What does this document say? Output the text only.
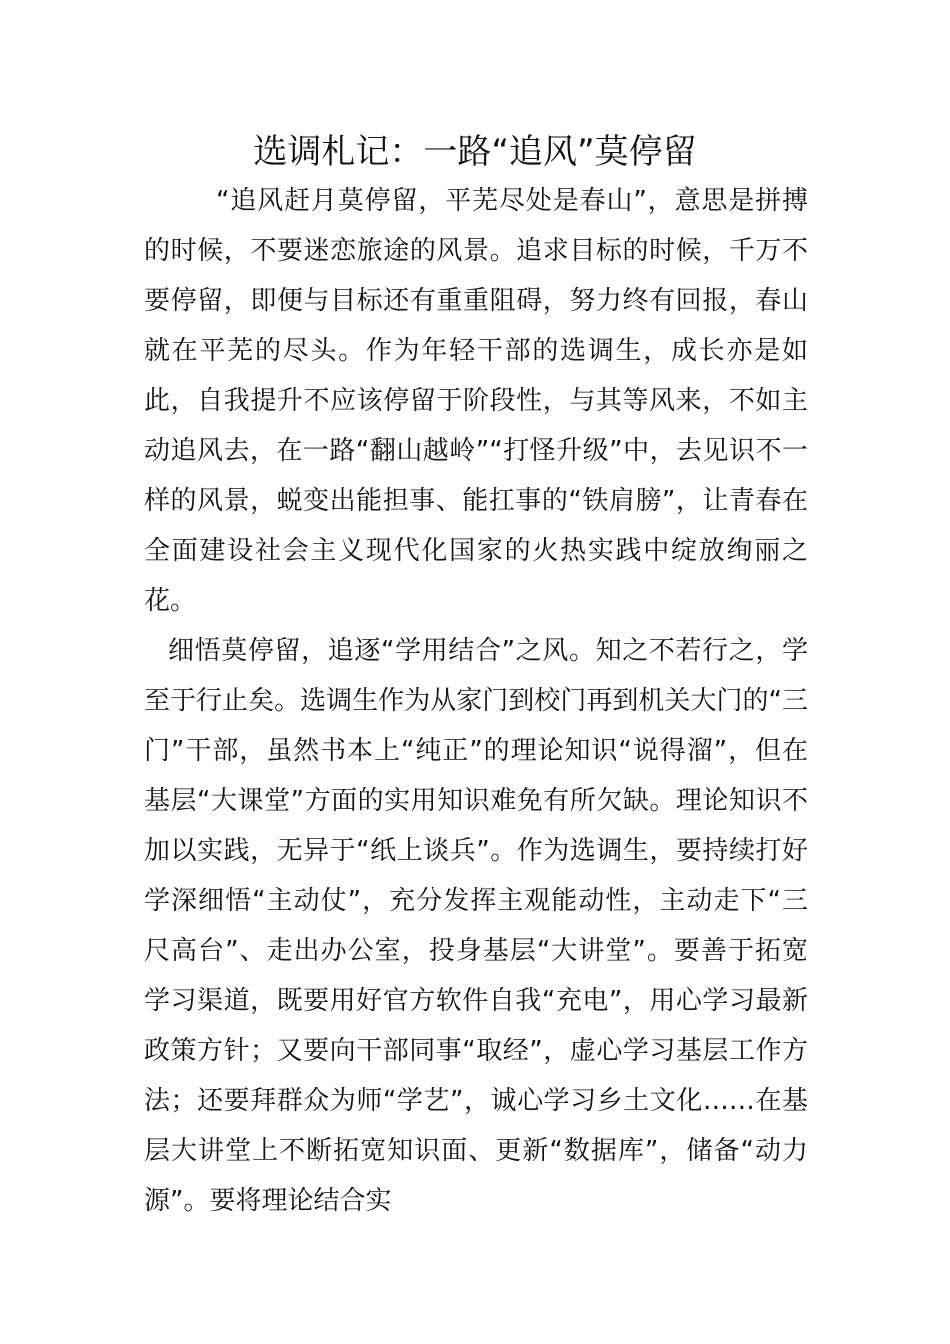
选调札记：一路“追风”莫停留

“追风赶月莫停留，平芜尽处是春山”，意思是拼搏的时候，不要迷恋旅途的风景。追求目标的时候，千万不要停留，即便与目标还有重重阻碍，努力终有回报，春山就在平芜的尽头。作为年轻干部的选调生，成长亦是如此，自我提升不应该停留于阶段性，与其等风来，不如主动追风去，在一路“翻山越岭”“打怪升级”中，去见识不一样的风景，蜕变出能担事、能扛事的“铁肩膀”，让青春在全面建设社会主义现代化国家的火热实践中绽放绚丽之花。

细悟莫停留，追逐“学用结合”之风。知之不若行之，学至于行止矣。选调生作为从家门到校门再到机关大门的“三门”干部，虽然书本上“纯正”的理论知识“说得溜”，但在基层“大课堂”方面的实用知识难免有所欠缺。理论知识不加以实践，无异于“纸上谈兵”。作为选调生，要持续打好学深细悟“主动仗”，充分发挥主观能动性，主动走下“三尺高台”、走出办公室，投身基层“大讲堂”。要善于拓宽学习渠道，既要用好官方软件自我“充电”，用心学习最新政策方针；又要向干部同事“取经”，虚心学习基层工作方法；还要拜群众为师“学艺”，诚心学习乡土文化……在基层大讲堂上不断拓宽知识面、更新“数据库”，储备“动力源”。要将理论结合实
